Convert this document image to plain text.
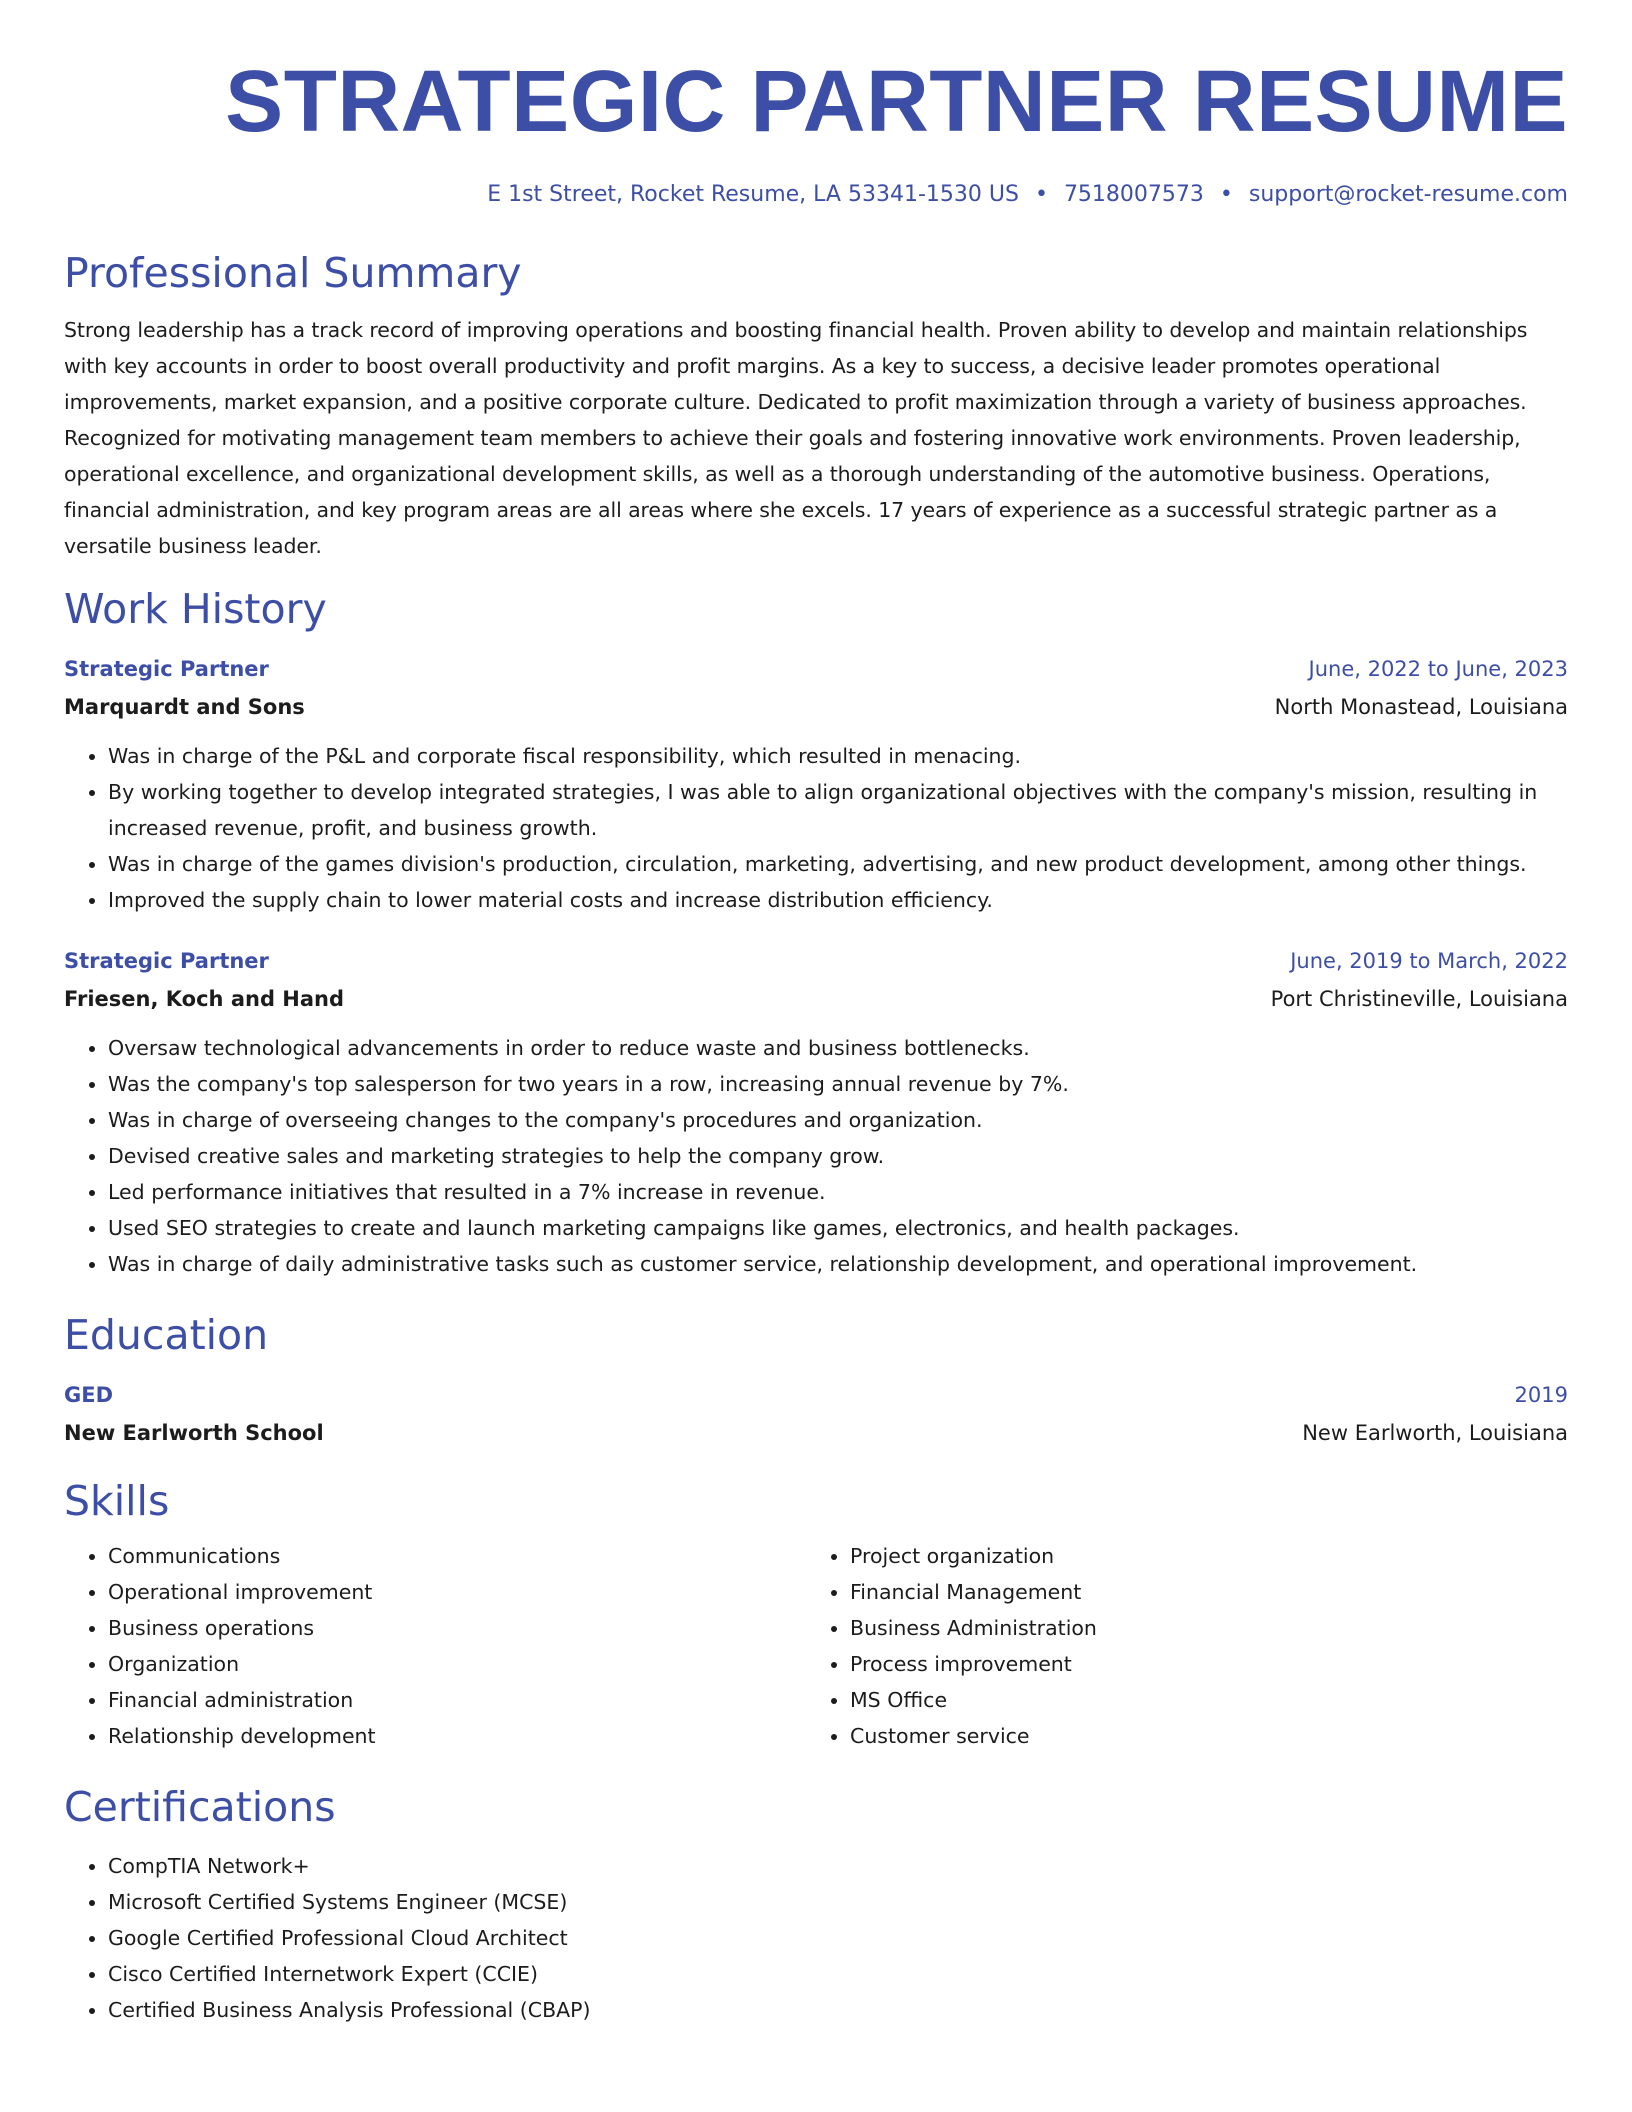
STRATEGIC PARTNER RESUME
E 1st Street, Rocket Resume, LA 53341-1530 US • 7518007573 • support@rocket-resume.com
Professional Summary
Strong leadership has a track record of improving operations and boosting financial health. Proven ability to develop and maintain relationships with key accounts in order to boost overall productivity and profit margins. As a key to success, a decisive leader promotes operational improvements, market expansion, and a positive corporate culture. Dedicated to profit maximization through a variety of business approaches. Recognized for motivating management team members to achieve their goals and fostering innovative work environments. Proven leadership, operational excellence, and organizational development skills, as well as a thorough understanding of the automotive business. Operations, financial administration, and key program areas are all areas where she excels. 17 years of experience as a successful strategic partner as a versatile business leader.
Work History
Strategic Partner	June, 2022 to June, 2023
Marquardt and Sons	North Monastead, Louisiana
• Was in charge of the P&L and corporate fiscal responsibility, which resulted in menacing.
• By working together to develop integrated strategies, I was able to align organizational objectives with the company's mission, resulting in increased revenue, profit, and business growth.
• Was in charge of the games division's production, circulation, marketing, advertising, and new product development, among other things.
• Improved the supply chain to lower material costs and increase distribution efficiency.
Strategic Partner	June, 2019 to March, 2022
Friesen, Koch and Hand	Port Christineville, Louisiana
• Oversaw technological advancements in order to reduce waste and business bottlenecks.
• Was the company's top salesperson for two years in a row, increasing annual revenue by 7%.
• Was in charge of overseeing changes to the company's procedures and organization.
• Devised creative sales and marketing strategies to help the company grow.
• Led performance initiatives that resulted in a 7% increase in revenue.
• Used SEO strategies to create and launch marketing campaigns like games, electronics, and health packages.
• Was in charge of daily administrative tasks such as customer service, relationship development, and operational improvement.
Education
GED	2019
New Earlworth School	New Earlworth, Louisiana
Skills
• Communications
• Operational improvement
• Business operations
• Organization
• Financial administration
• Relationship development
• Project organization
• Financial Management
• Business Administration
• Process improvement
• MS Office
• Customer service
Certifications
• CompTIA Network+
• Microsoft Certified Systems Engineer (MCSE)
• Google Certified Professional Cloud Architect
• Cisco Certified Internetwork Expert (CCIE)
• Certified Business Analysis Professional (CBAP)
